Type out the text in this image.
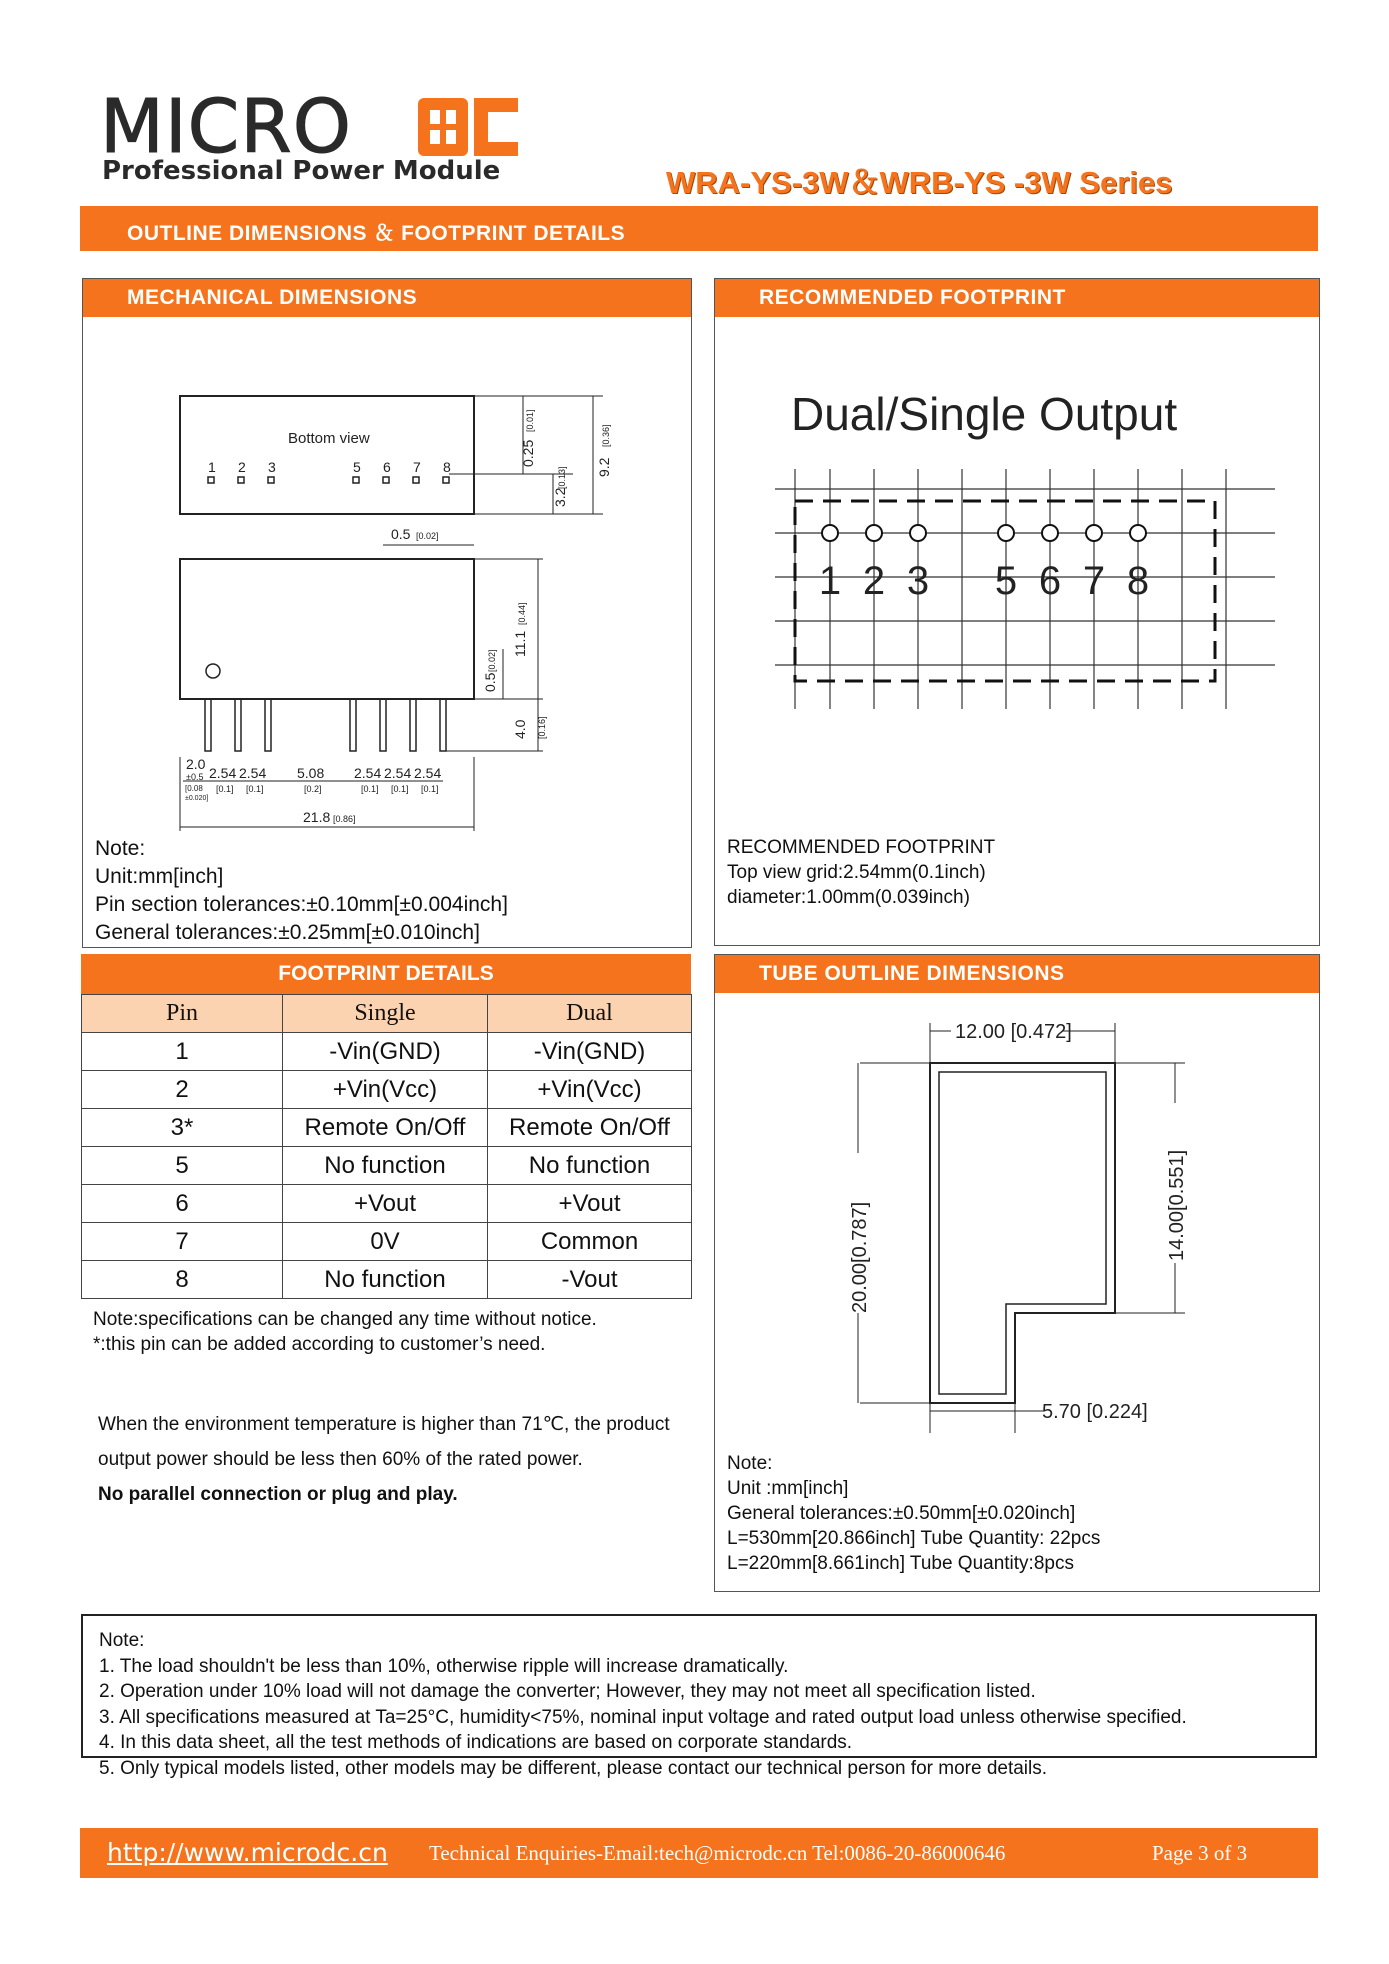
MICRO
Professional Power Module	WRA-YS-3W＆WRB-YS -3W Series
OUTLINE DIMENSIONS ＆ FOOTPRINT DETAILS
MECHANICAL DIMENSIONS
Bottom view
1 2 3	5 6 7 8	0.25
[0.01]
3.2
[0.13] 9.2
[0.36]
0.5 [0.02]
11.1
[0.44]
0.5
[0.02]
4.0 [0.16]
2.0
±0.5
[0.08
±0.020]
2.54 2.54 5.08 2.54 2.54 2.54
[0.1] [0.1]	[0.2]	[0.1] [0.1] [0.1]
21.8 [0.86]
Note:
Unit:mm[inch]
Pin section tolerances:±0.10mm[±0.004inch]
General tolerances:±0.25mm[±0.010inch]
RECOMMENDED FOOTPRINT
Dual/Single Output
1 2 3 5 6 7 8
RECOMMENDED FOOTPRINT
Top view grid:2.54mm(0.1inch)
diameter:1.00mm(0.039inch)
FOOTPRINT DETAILS
Pin	Single	Dual
1	-Vin(GND)	-Vin(GND)
2	+Vin(Vcc)	+Vin(Vcc)
3*	Remote On/Off	Remote On/Off
5	No function	No function
6	+Vout	+Vout
7	0V	Common
8	No function	-Vout
Note:specifications can be changed any time without notice.
*:this pin can be added according to customer’s need.
When the environment temperature is higher than 71℃, the product output power should be less then 60% of the rated power.
No parallel connection or plug and play.
TUBE OUTLINE DIMENSIONS
12.00 [0.472]
20.00[0.787]	14.00[0.551]
5.70 [0.224]
Note:
Unit :mm[inch]
General tolerances:±0.50mm[±0.020inch]
L=530mm[20.866inch] Tube Quantity: 22pcs
L=220mm[8.661inch] Tube Quantity:8pcs
Note:
1. The load shouldn't be less than 10%, otherwise ripple will increase dramatically.
2. Operation under 10% load will not damage the converter; However, they may not meet all specification listed.
3. All specifications measured at Ta=25°C, humidity<75%, nominal input voltage and rated output load unless otherwise specified.
4. In this data sheet, all the test methods of indications are based on corporate standards.
5. Only typical models listed, other models may be different, please contact our technical person for more details.
http://www.microdc.cn Technical Enquiries-Email:tech@microdc.cn Tel:0086-20-86000646	Page 3 of 3
